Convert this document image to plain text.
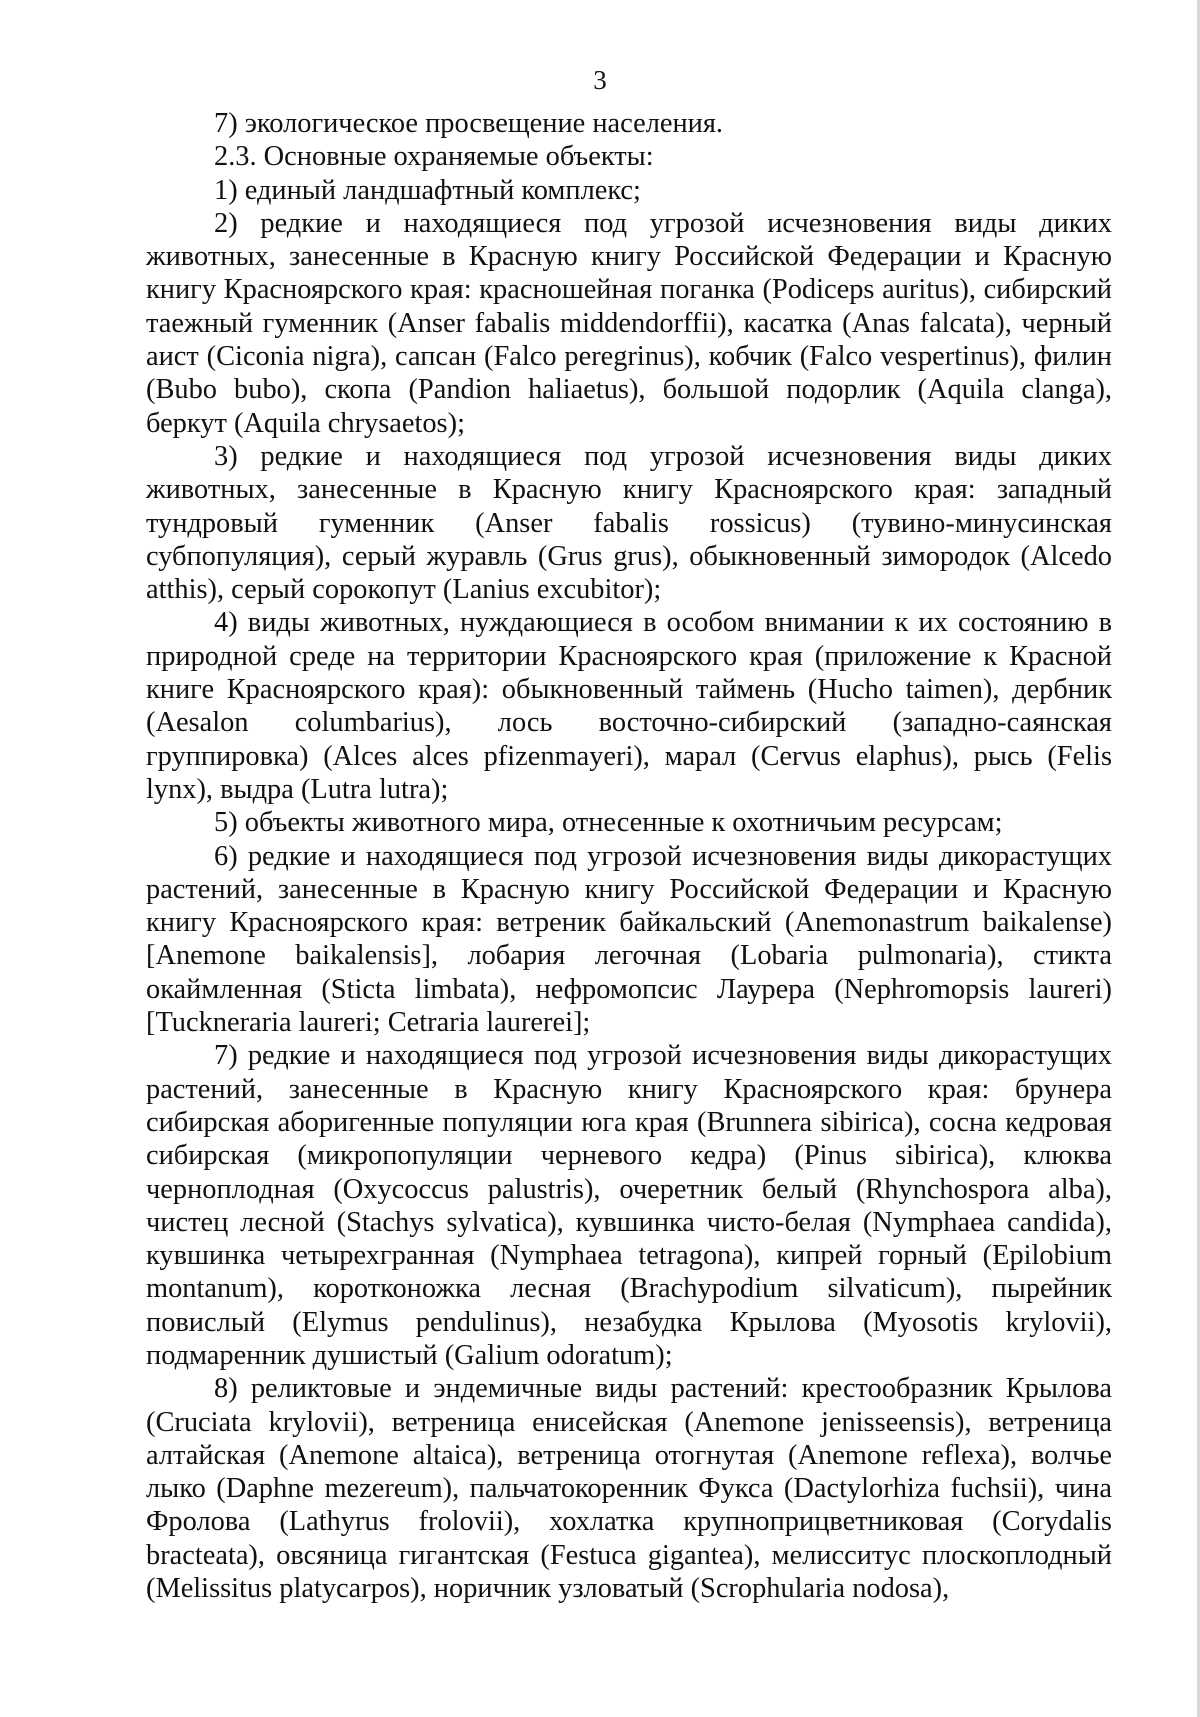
3

7) экологическое просвещение населения.

2.3. Основные охраняемые объекты:

1) единый ландшафтный комплекс;

2) редкие и находящиеся под угрозой исчезновения виды диких животных, занесенные в Красную книгу Российской Федерации и Красную книгу Красноярского края: красношейная поганка (Podiceps auritus), сибирский таежный гуменник (Anser fabalis middendorffii), касатка (Anas falcata), черный аист (Ciconia nigra), сапсан (Falco peregrinus), кобчик (Falco vespertinus), филин (Bubo bubo), скопа (Pandion haliaetus), большой подорлик (Aquila clanga), беркут (Aquila chrysaetos);

3) редкие и находящиеся под угрозой исчезновения виды диких животных, занесенные в Красную книгу Красноярского края: западный тундровый гуменник (Anser fabalis rossicus) (тувино-минусинская субпопуляция), серый журавль (Grus grus), обыкновенный зимородок (Alcedo atthis), серый сорокопут (Lanius excubitor);

4) виды животных, нуждающиеся в особом внимании к их состоянию в природной среде на территории Красноярского края (приложение к Красной книге Красноярского края): обыкновенный таймень (Hucho taimen), дербник (Aesalon columbarius), лось восточно-сибирский (западно-саянская группировка) (Alces alces pfizenmayeri), марал (Cervus elaphus), рысь (Felis lynx), выдра (Lutra lutra);

5) объекты животного мира, отнесенные к охотничьим ресурсам;

6) редкие и находящиеся под угрозой исчезновения виды дикорастущих растений, занесенные в Красную книгу Российской Федерации и Красную книгу Красноярского края: ветреник байкальский (Anemonastrum baikalense) [Anemone baikalensis], лобария легочная (Lobaria pulmonaria), стикта окаймленная (Sticta limbata), нефромопсис Лаурера (Nephromopsis laureri) [Tuckneraria laureri; Cetraria laurerei];

7) редкие и находящиеся под угрозой исчезновения виды дикорастущих растений, занесенные в Красную книгу Красноярского края: брунера сибирская аборигенные популяции юга края (Brunnera sibirica), сосна кедровая сибирская (микропопуляции черневого кедра) (Pinus sibirica), клюква черноплодная (Oxycoccus palustris), очеретник белый (Rhynchospora alba), чистец лесной (Stachys sylvatica), кувшинка чисто-белая (Nymphaea candida), кувшинка четырехгранная (Nymphaea tetragona), кипрей горный (Epilobium montanum), коротконожка лесная (Brachypodium silvaticum), пырейник повислый (Elymus pendulinus), незабудка Крылова (Myosotis krylovii), подмаренник душистый (Galium odoratum);

8) реликтовые и эндемичные виды растений: крестообразник Крылова (Cruciata krylovii), ветреница енисейская (Anemone jenisseensis), ветреница алтайская (Anemone altaica), ветреница отогнутая (Anemone reflexa), волчье лыко (Daphne mezereum), пальчатокоренник Фукса (Dactylorhiza fuchsii), чина Фролова (Lathyrus frolovii), хохлатка крупноприцветниковая (Corydalis bracteata), овсяница гигантская (Festuca gigantea), мелисситус плоскоплодный (Melissitus platycarpos), норичник узловатый (Scrophularia nodosa),
